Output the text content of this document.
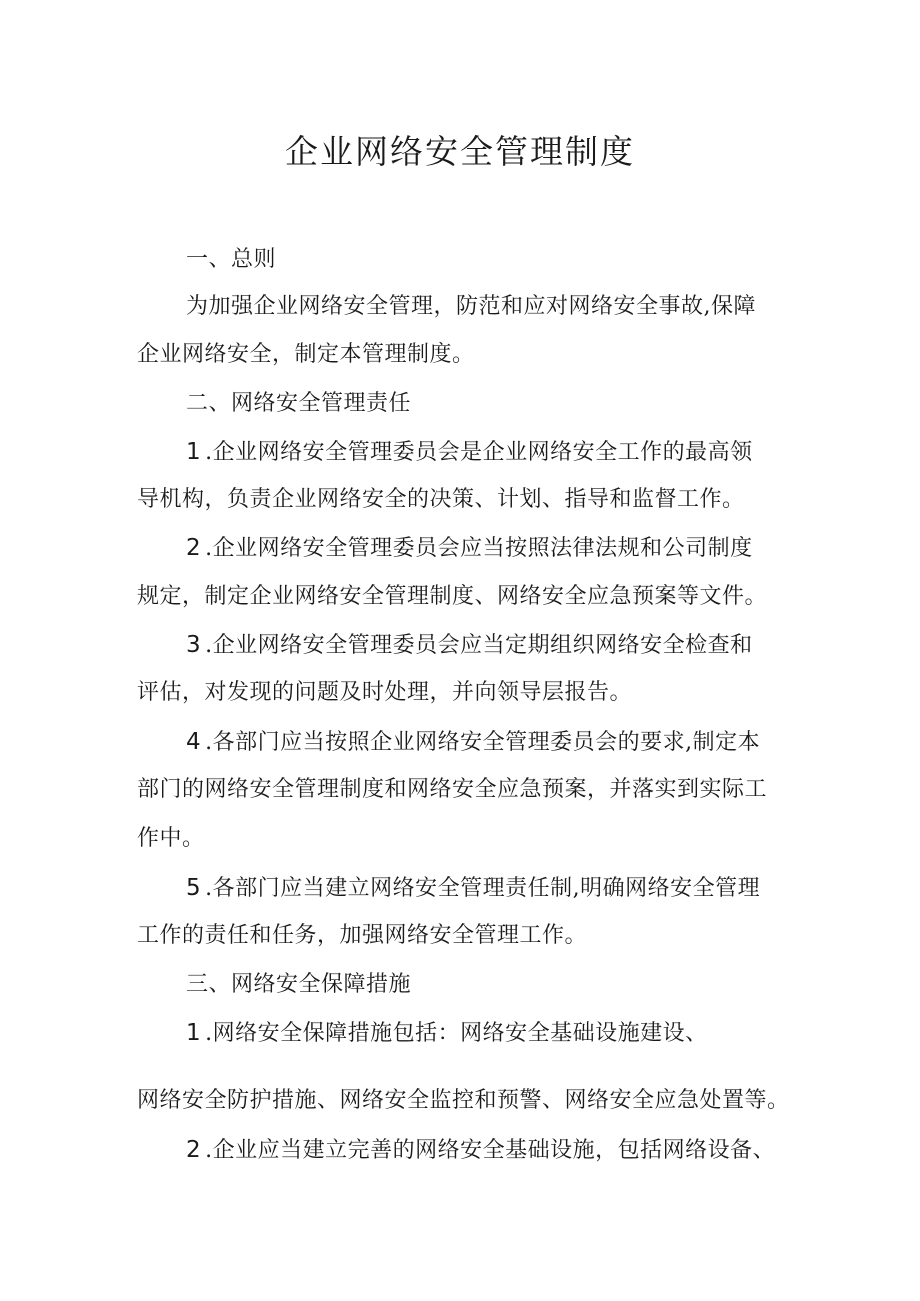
企业网络安全管理制度
一、总则
为加强企业网络安全管理，防范和应对网络安全事故,保障
企业网络安全，制定本管理制度。
二、网络安全管理责任
1 .企业网络安全管理委员会是企业网络安全工作的最高领
导机构，负责企业网络安全的决策、计划、指导和监督工作。
2 .企业网络安全管理委员会应当按照法律法规和公司制度
规定，制定企业网络安全管理制度、网络安全应急预案等文件。
3 .企业网络安全管理委员会应当定期组织网络安全检查和
评估，对发现的问题及时处理，并向领导层报告。
4 .各部门应当按照企业网络安全管理委员会的要求,制定本
部门的网络安全管理制度和网络安全应急预案，并落实到实际工
作中。
5 .各部门应当建立网络安全管理责任制,明确网络安全管理
工作的责任和任务，加强网络安全管理工作。
三、网络安全保障措施
1 .网络安全保障措施包括：网络安全基础设施建设、
网络安全防护措施、网络安全监控和预警、网络安全应急处置等。
2 .企业应当建立完善的网络安全基础设施，包括网络设备、
